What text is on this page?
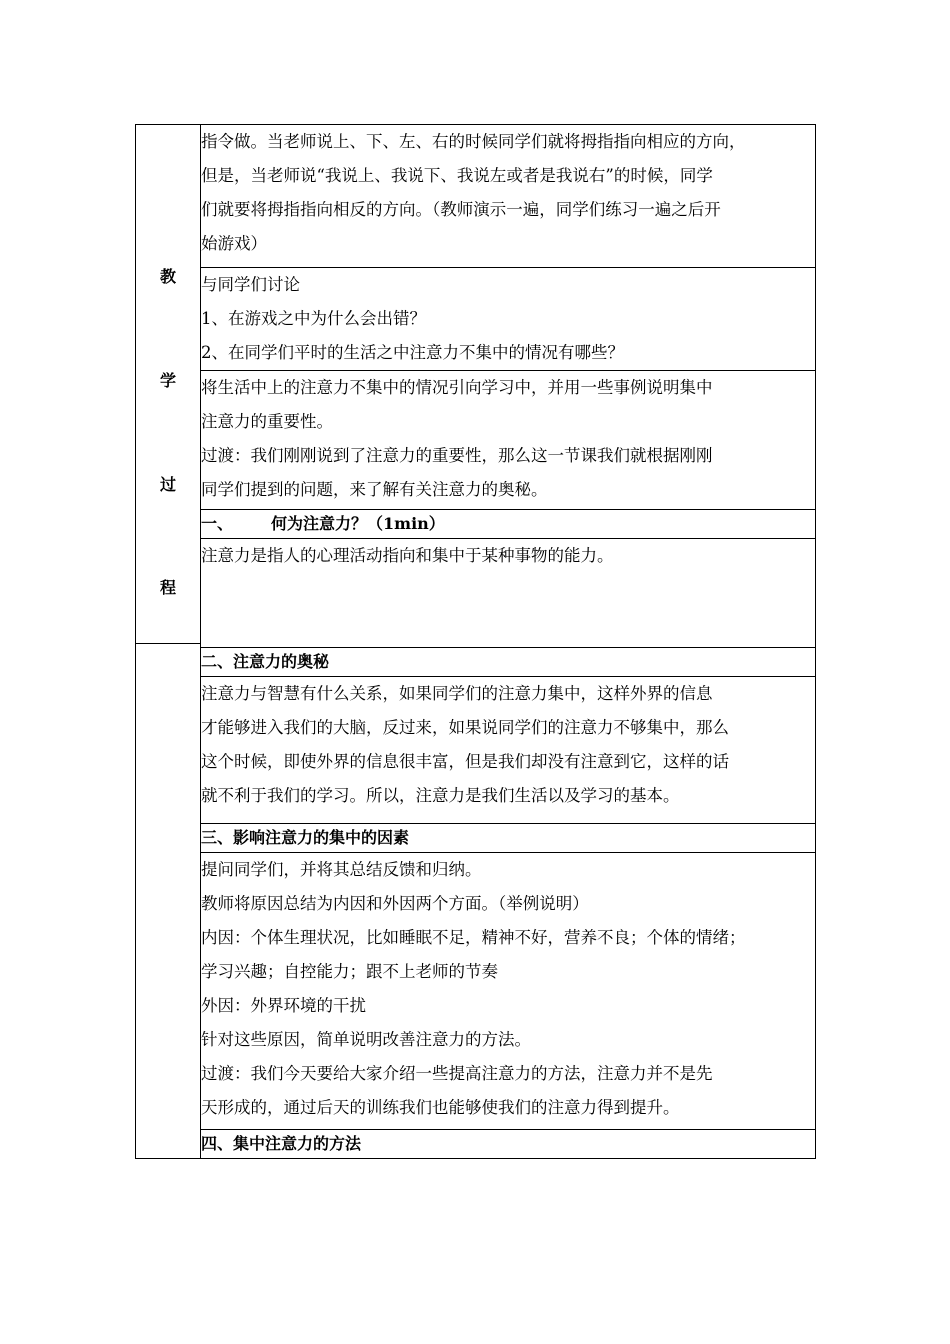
教
学
过
程

指令做。当老师说上、下、左、右的时候同学们就将拇指指向相应的方向，
但是，当老师说“我说上、我说下、我说左或者是我说右”的时候，同学
们就要将拇指指向相反的方向。（教师演示一遍，同学们练习一遍之后开
始游戏）

与同学们讨论
1、在游戏之中为什么会出错？
2、在同学们平时的生活之中注意力不集中的情况有哪些？

将生活中上的注意力不集中的情况引向学习中，并用一些事例说明集中
注意力的重要性。
过渡：我们刚刚说到了注意力的重要性，那么这一节课我们就根据刚刚
同学们提到的问题，来了解有关注意力的奥秘。

一、 何为注意力？（1min）

注意力是指人的心理活动指向和集中于某种事物的能力。

二、注意力的奥秘

注意力与智慧有什么关系，如果同学们的注意力集中，这样外界的信息
才能够进入我们的大脑，反过来，如果说同学们的注意力不够集中，那么
这个时候，即使外界的信息很丰富，但是我们却没有注意到它，这样的话
就不利于我们的学习。所以，注意力是我们生活以及学习的基本。

三、影响注意力的集中的因素

提问同学们，并将其总结反馈和归纳。
教师将原因总结为内因和外因两个方面。（举例说明）
内因：个体生理状况，比如睡眠不足，精神不好，营养不良；个体的情绪；
学习兴趣；自控能力；跟不上老师的节奏
外因：外界环境的干扰
针对这些原因，简单说明改善注意力的方法。
过渡：我们今天要给大家介绍一些提高注意力的方法，注意力并不是先
天形成的，通过后天的训练我们也能够使我们的注意力得到提升。

四、集中注意力的方法
